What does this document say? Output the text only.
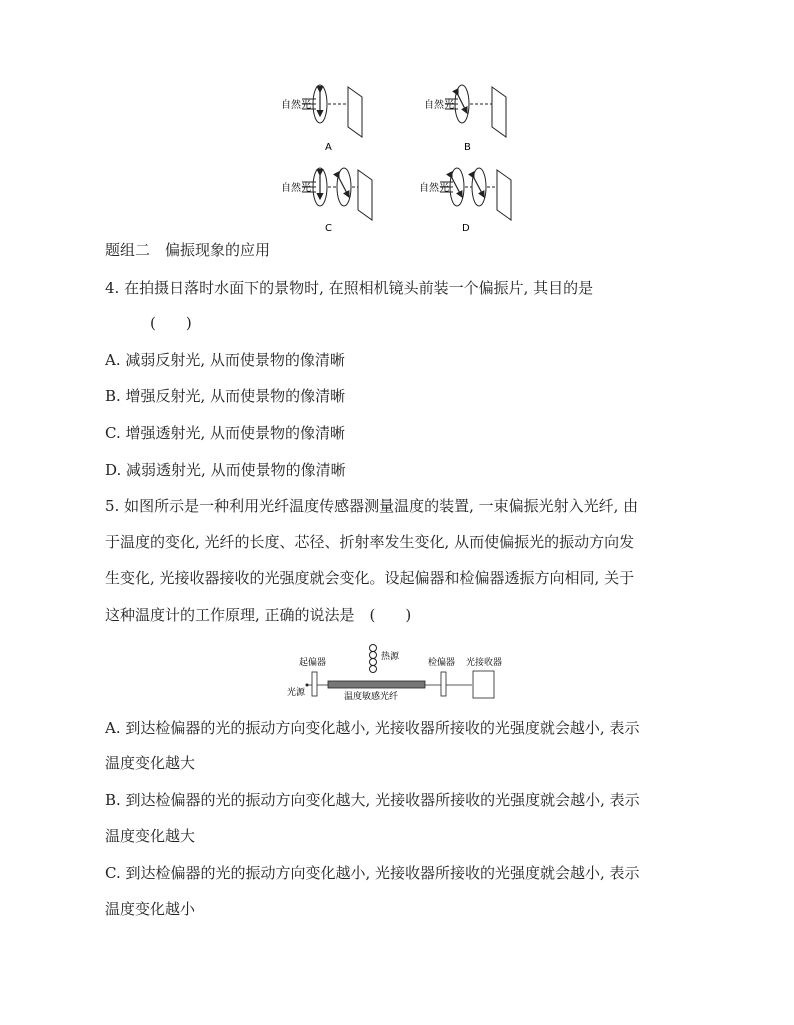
自然光
A
自然光
B
自然光
C
自然光
D
题组二　偏振现象的应用
4. 在拍摄日落时水面下的景物时, 在照相机镜头前装一个偏振片, 其目的是
(　　)
A. 减弱反射光, 从而使景物的像清晰
B. 增强反射光, 从而使景物的像清晰
C. 增强透射光, 从而使景物的像清晰
D. 减弱透射光, 从而使景物的像清晰
5. 如图所示是一种利用光纤温度传感器测量温度的装置, 一束偏振光射入光纤, 由
于温度的变化, 光纤的长度、芯径、折射率发生变化, 从而使偏振光的振动方向发
生变化, 光接收器接收的光强度就会变化。设起偏器和检偏器透振方向相同, 关于
这种温度计的工作原理, 正确的说法是　(　　)
起偏器
热源
检偏器 光接收器
光源	温度敏感光纤
A. 到达检偏器的光的振动方向变化越小, 光接收器所接收的光强度就会越小, 表示
温度变化越大
B. 到达检偏器的光的振动方向变化越大, 光接收器所接收的光强度就会越小, 表示
温度变化越大
C. 到达检偏器的光的振动方向变化越小, 光接收器所接收的光强度就会越小, 表示
温度变化越小
